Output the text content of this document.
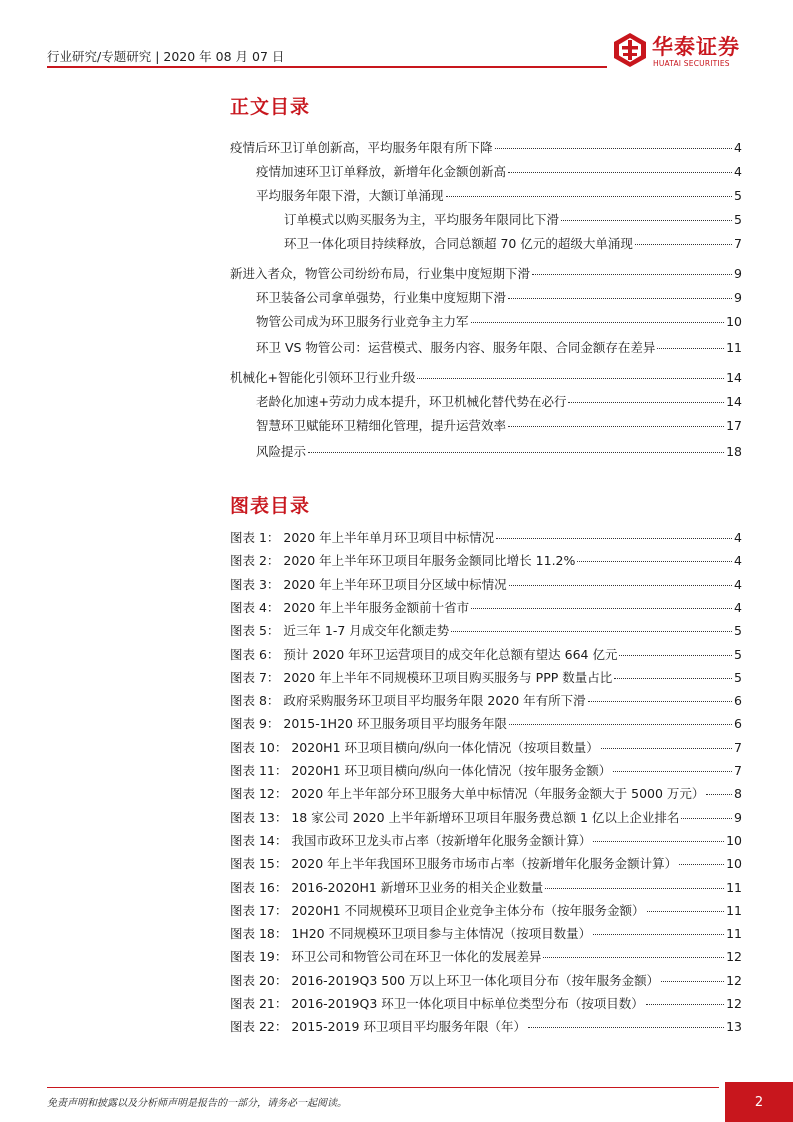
行业研究/专题研究 | 2020 年 08 月 07 日	华泰证券
HUATAI SECURITIES
正文目录
疫情后环卫订单创新高，平均服务年限有所下降	4
疫情加速环卫订单释放，新增年化金额创新高	4
平均服务年限下滑，大额订单涌现	5
订单模式以购买服务为主，平均服务年限同比下滑	5
环卫一体化项目持续释放，合同总额超 70 亿元的超级大单涌现	7
新进入者众，物管公司纷纷布局，行业集中度短期下滑	9
环卫装备公司拿单强势，行业集中度短期下滑	9
物管公司成为环卫服务行业竞争主力军	10
环卫 VS 物管公司：运营模式、服务内容、服务年限、合同金额存在差异	11
机械化+智能化引领环卫行业升级	14
老龄化加速+劳动力成本提升，环卫机械化替代势在必行	14
智慧环卫赋能环卫精细化管理，提升运营效率	17
风险提示	18
图表目录
图表 1： 2020 年上半年单月环卫项目中标情况	4
图表 2： 2020 年上半年环卫项目年服务金额同比增长 11.2%	4
图表 3： 2020 年上半年环卫项目分区域中标情况	4
图表 4： 2020 年上半年服务金额前十省市	4
图表 5： 近三年 1-7 月成交年化额走势	5
图表 6： 预计 2020 年环卫运营项目的成交年化总额有望达 664 亿元	5
图表 7： 2020 年上半年不同规模环卫项目购买服务与 PPP 数量占比	5
图表 8： 政府采购服务环卫项目平均服务年限 2020 年有所下滑	6
图表 9： 2015-1H20 环卫服务项目平均服务年限	6
图表 10： 2020H1 环卫项目横向/纵向一体化情况（按项目数量）	7
图表 11： 2020H1 环卫项目横向/纵向一体化情况（按年服务金额）	7
图表 12： 2020 年上半年部分环卫服务大单中标情况（年服务金额大于 5000 万元） 8
图表 13： 18 家公司 2020 上半年新增环卫项目年服务费总额 1 亿以上企业排名	9
图表 14： 我国市政环卫龙头市占率（按新增年化服务金额计算）	10
图表 15： 2020 年上半年我国环卫服务市场市占率（按新增年化服务金额计算）	10
图表 16： 2016-2020H1 新增环卫业务的相关企业数量	11
图表 17： 2020H1 不同规模环卫项目企业竞争主体分布（按年服务金额）	11
图表 18： 1H20 不同规模环卫项目参与主体情况（按项目数量）	11
图表 19： 环卫公司和物管公司在环卫一体化的发展差异	12
图表 20： 2016-2019Q3 500 万以上环卫一体化项目分布（按年服务金额）	12
图表 21： 2016-2019Q3 环卫一体化项目中标单位类型分布（按项目数）	12
图表 22： 2015-2019 环卫项目平均服务年限（年）	13
免责声明和披露以及分析师声明是报告的一部分，请务必一起阅读。	2
